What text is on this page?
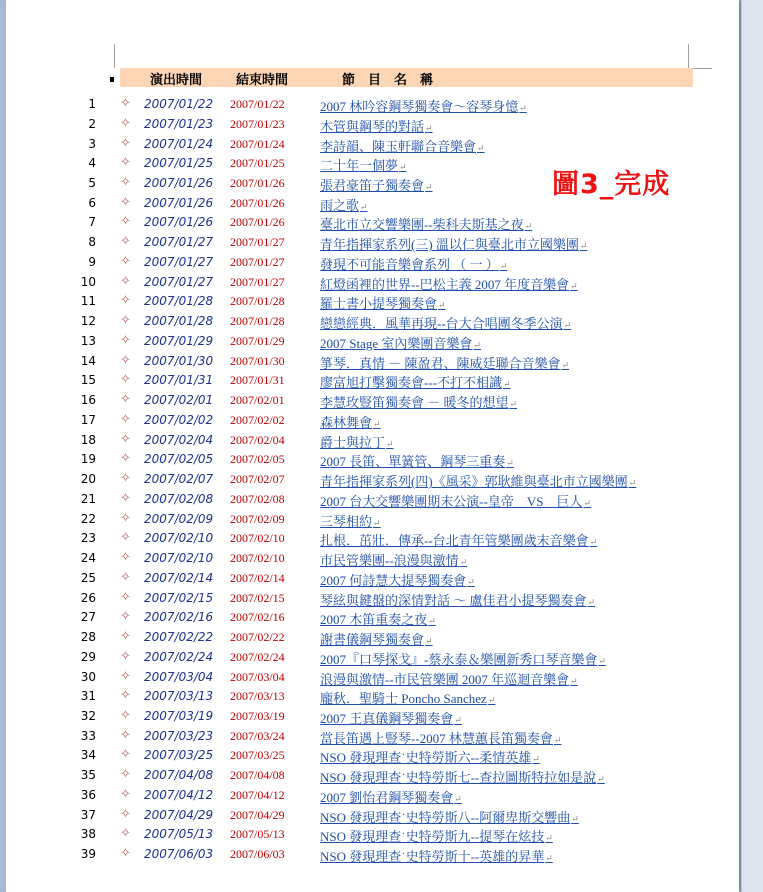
演出時間	結束時間	節　目　名　稱
1 ✧ 2007/01/22 2007/01/22	2007 林吟容鋼琴獨奏會～容琴身憶↵
2 ✧ 2007/01/23 2007/01/23	木管與鋼琴的對話↵
3 ✧ 2007/01/24 2007/01/24	李詩韻、陳玉軒聯合音樂會↵
4 ✧ 2007/01/25 2007/01/25	二十年一個夢↵
5 ✧ 2007/01/26 2007/01/26	張君豪笛子獨奏會↵
6 ✧ 2007/01/26 2007/01/26	雨之歌↵
7 ✧ 2007/01/26 2007/01/26	臺北市立交響樂團--柴科夫斯基之夜↵
8 ✧ 2007/01/27 2007/01/27	青年指揮家系列(三) 溫以仁與臺北市立國樂團↵
9 ✧ 2007/01/27 2007/01/27	發現不可能音樂會系列 （ 一 ）↵
10 ✧ 2007/01/27 2007/01/27	紅燈函裡的世界--巴松主義 2007 年度音樂會↵
11 ✧ 2007/01/28 2007/01/28	羅士書小提琴獨奏會↵
12 ✧ 2007/01/28 2007/01/28	戀戀經典．風華再現--台大合唱團冬季公演↵
13 ✧ 2007/01/29 2007/01/29	2007 Stage 室內樂團音樂會↵
14 ✧ 2007/01/30 2007/01/30	箏琴．真情 － 陳盈君、陳威廷聯合音樂會↵
15 ✧ 2007/01/31 2007/01/31	廖富旭打擊獨奏會---不打不相識↵
16 ✧ 2007/02/01 2007/02/01	李慧玫豎笛獨奏會 － 暖冬的想望↵
17 ✧ 2007/02/02 2007/02/02	森林舞會↵
18 ✧ 2007/02/04 2007/02/04	爵士與拉丁↵
19 ✧ 2007/02/05 2007/02/05	2007 長笛、單簧管、鋼琴三重奏↵
20 ✧ 2007/02/07 2007/02/07	青年指揮家系列(四)《風采》郭耿維與臺北市立國樂團↵
21 ✧ 2007/02/08 2007/02/08	2007 台大交響樂團期末公演--皇帝　VS　巨人↵
22 ✧ 2007/02/09 2007/02/09	三琴相約↵
23 ✧ 2007/02/10 2007/02/10	扎根．茁壯．傳承--台北青年管樂團歲末音樂會↵
24 ✧ 2007/02/10 2007/02/10	市民管樂團--浪漫與激情↵
25 ✧ 2007/02/14 2007/02/14	2007 何詩慧大提琴獨奏會↵
26 ✧ 2007/02/15 2007/02/15	琴絃與鍵盤的深情對話 ～ 盧佳君小提琴獨奏會↵
27 ✧ 2007/02/16 2007/02/16	2007 木笛重奏之夜↵
28 ✧ 2007/02/22 2007/02/22	謝書儀鋼琴獨奏會↵
29 ✧ 2007/02/24 2007/02/24	2007『口琴探戈』-蔡永泰＆樂團新秀口琴音樂會↵
30 ✧ 2007/03/04 2007/03/04	浪漫與激情--市民管樂團 2007 年巡迴音樂會↵
31 ✧ 2007/03/13 2007/03/13	龐秋．聖騎士 Poncho Sanchez↵
32 ✧ 2007/03/19 2007/03/19	2007 王真儀鋼琴獨奏會↵
33 ✧ 2007/03/23 2007/03/24	當長笛遇上豎琴--2007 林慧蕙長笛獨奏會↵
34 ✧ 2007/03/25 2007/03/25	NSO 發現理查˙史特勞斯六--柔情英雄↵
35 ✧ 2007/04/08 2007/04/08	NSO 發現理查˙史特勞斯七--查拉圖斯特拉如是說↵
36 ✧ 2007/04/12 2007/04/12	2007 劉怡君鋼琴獨奏會↵
37 ✧ 2007/04/29 2007/04/29	NSO 發現理查˙史特勞斯八--阿爾卑斯交響曲↵
38 ✧ 2007/05/13 2007/05/13	NSO 發現理查˙史特勞斯九--提琴在炫技↵
39 ✧ 2007/06/03 2007/06/03	NSO 發現理查˙史特勞斯十--英雄的昇華↵
圖3_完成
